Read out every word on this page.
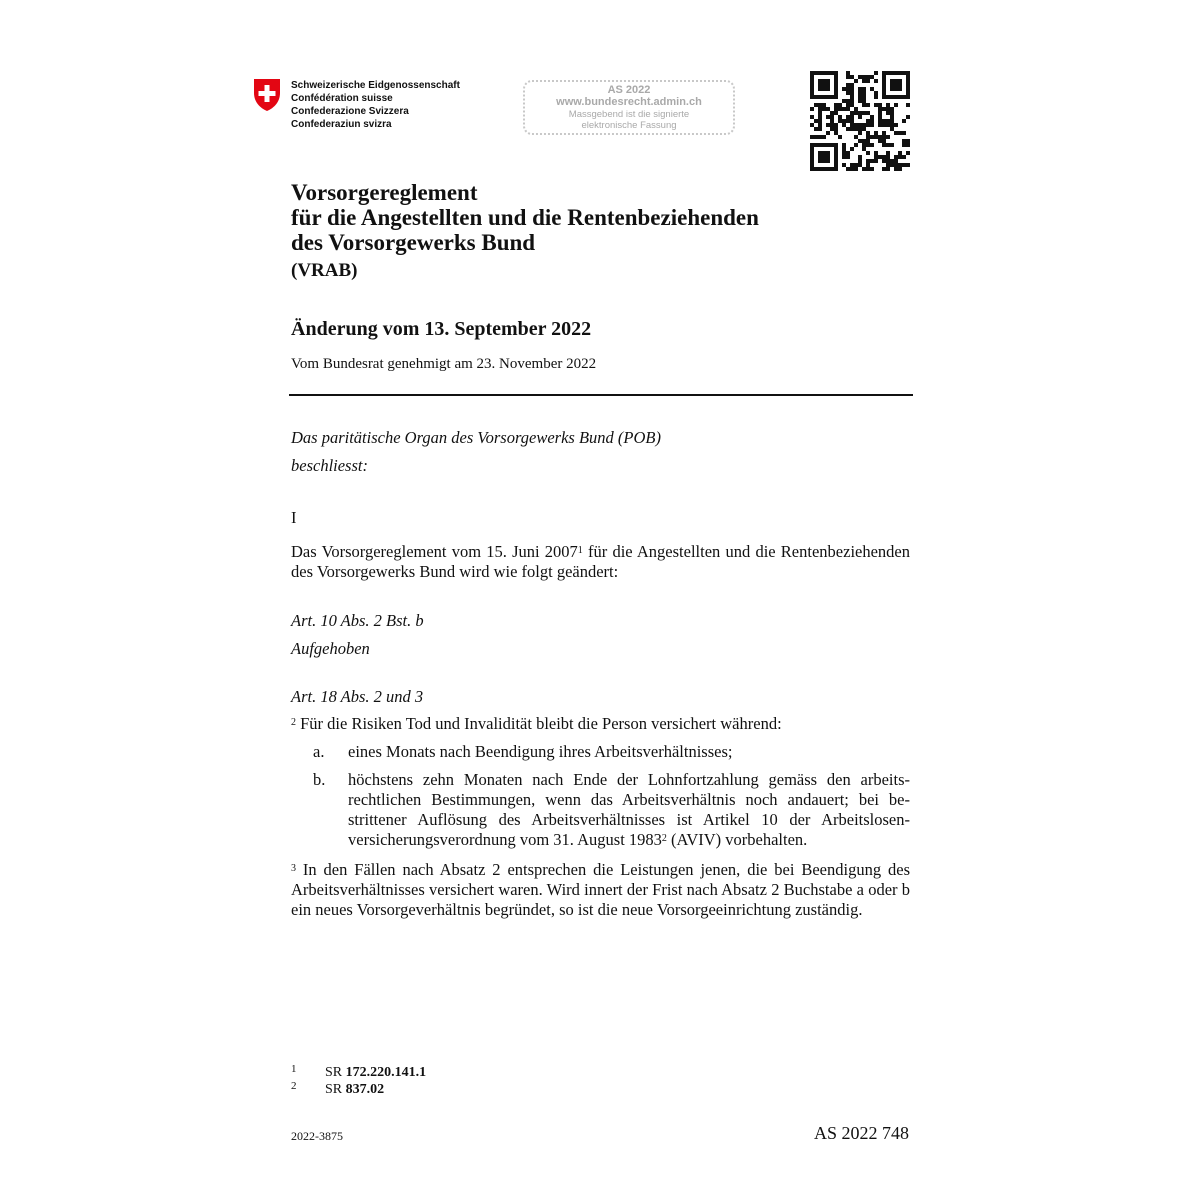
Schweizerische Eidgenossenschaft
Confédération suisse
Confederazione Svizzera
Confederaziun svizra
AS 2022
www.bundesrecht.admin.ch
Massgebend ist die signierte
elektronische Fassung
Vorsorgereglement
für die Angestellten und die Rentenbeziehenden
des Vorsorgewerks Bund
(VRAB)
Änderung vom 13. September 2022
Vom Bundesrat genehmigt am 23. November 2022
Das paritätische Organ des Vorsorgewerks Bund (POB)
beschliesst:
I
Das Vorsorgereglement vom 15. Juni 2007$^1$ für die Angestellten und die Rentenbeziehenden des Vorsorgewerks Bund wird wie folgt geändert:
Art. 10 Abs. 2 Bst. b
Aufgehoben
Art. 18 Abs. 2 und 3
$^2$ Für die Risiken Tod und Invalidität bleibt die Person versichert während:
a. eines Monats nach Beendigung ihres Arbeitsverhältnisses;
b. höchstens zehn Monaten nach Ende der Lohnfortzahlung gemäss den arbeitsrechtlichen Bestimmungen, wenn das Arbeitsverhältnis noch andauert; bei bestrittener Auflösung des Arbeitsverhältnisses ist Artikel 10 der Arbeitslosenversicherungsverordnung vom 31. August 1983$^2$ (AVIV) vorbehalten.
$^3$ In den Fällen nach Absatz 2 entsprechen die Leistungen jenen, die bei Beendigung des Arbeitsverhältnisses versichert waren. Wird innert der Frist nach Absatz 2 Buchstabe a oder b ein neues Vorsorgeverhältnis begründet, so ist die neue Vorsorgeeinrichtung zuständig.
1 SR 172.220.141.1
2 SR 837.02
2022-3875	AS 2022 748
